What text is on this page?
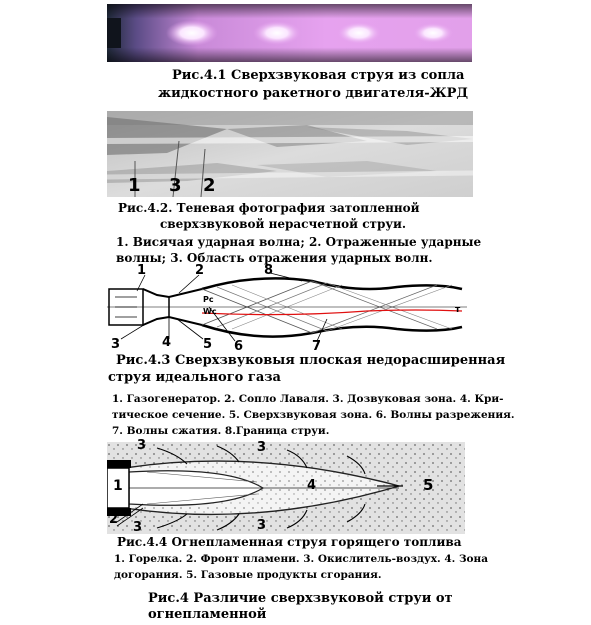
Рис.4.1 Сверхзвуковая струя из сопла
жидкостного ракетного двигателя-ЖРД
1 3 2
Рис.4.2. Теневая фотография затопленной
сверхзвуковой нерасчетной струи.
1. Висячая ударная волна; 2. Отраженные ударные
волны; 3. Область отражения ударных волн.
1	2	8
Pc
Wc	т
3	4 5 6	7
Рис.4.3 Сверхзвуковыя плоская недорасширенная
струя идеального газа
1. Газогенератор. 2. Сопло Лаваля. 3. Дозвуковая зона. 4. Кри-
тическое сечение. 5. Сверхзвуковая зона. 6. Волны разрежения.
7. Волны сжатия. 8.Граница струи.
3	3
1	4	5
2	3
3
Рис.4.4 Огнепламенная струя горящего топлива
1. Горелка. 2. Фронт пламени. 3. Окислитель-воздух. 4. Зона
догорания. 5. Газовые продукты сгорания.
Рис.4 Различие сверхзвуковой струи от
огнепламенной
